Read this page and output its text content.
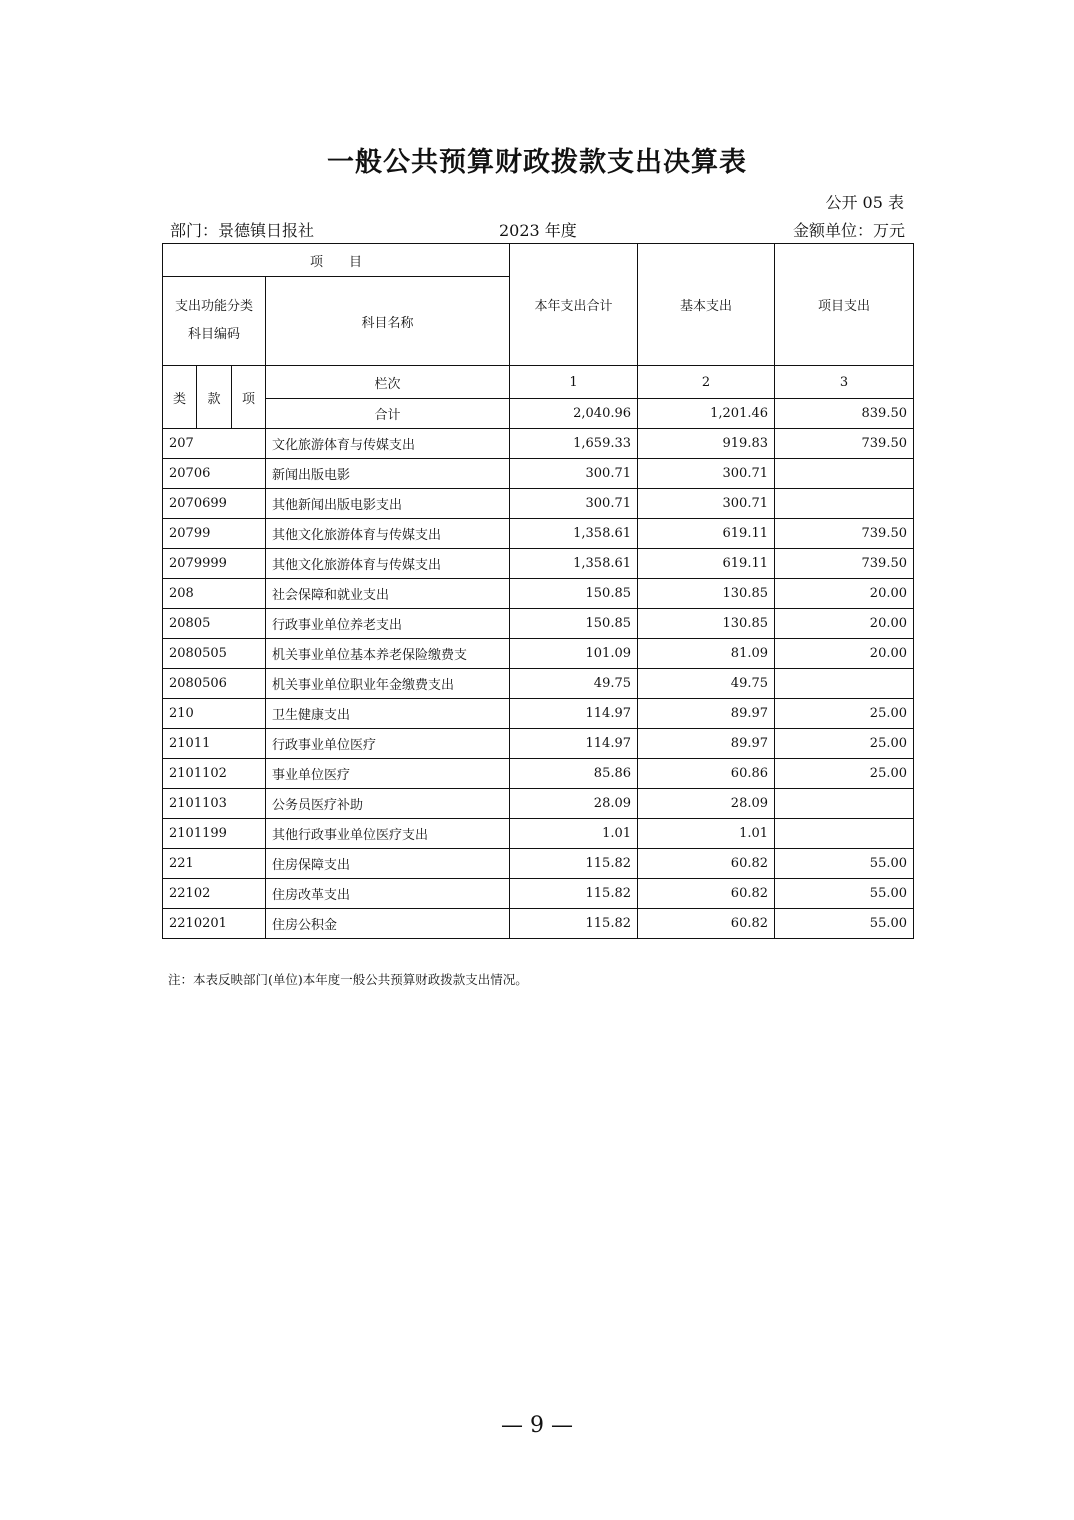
一般公共预算财政拨款支出决算表
公开 05 表
部门：景德镇日报社	2023 年度	金额单位：万元
项　　目				本年支出合计	基本支出	项目支出
支出功能分类科目编码			科目名称			
类	款	项	栏次	1	2	3
			合计	2,040.96	1,201.46	839.50
207			文化旅游体育与传媒支出	1,659.33	919.83	739.50
20706			新闻出版电影	300.71	300.71	
2070699			其他新闻出版电影支出	300.71	300.71	
20799			其他文化旅游体育与传媒支出	1,358.61	619.11	739.50
2079999			其他文化旅游体育与传媒支出	1,358.61	619.11	739.50
208			社会保障和就业支出	150.85	130.85	20.00
20805			行政事业单位养老支出	150.85	130.85	20.00
2080505			机关事业单位基本养老保险缴费支	101.09	81.09	20.00
2080506			机关事业单位职业年金缴费支出	49.75	49.75	
210			卫生健康支出	114.97	89.97	25.00
21011			行政事业单位医疗	114.97	89.97	25.00
2101102			事业单位医疗	85.86	60.86	25.00
2101103			公务员医疗补助	28.09	28.09	
2101199			其他行政事业单位医疗支出	1.01	1.01	
221			住房保障支出	115.82	60.82	55.00
22102			住房改革支出	115.82	60.82	55.00
2210201			住房公积金	115.82	60.82	55.00
注：本表反映部门(单位)本年度一般公共预算财政拨款支出情况。
— 9 —
